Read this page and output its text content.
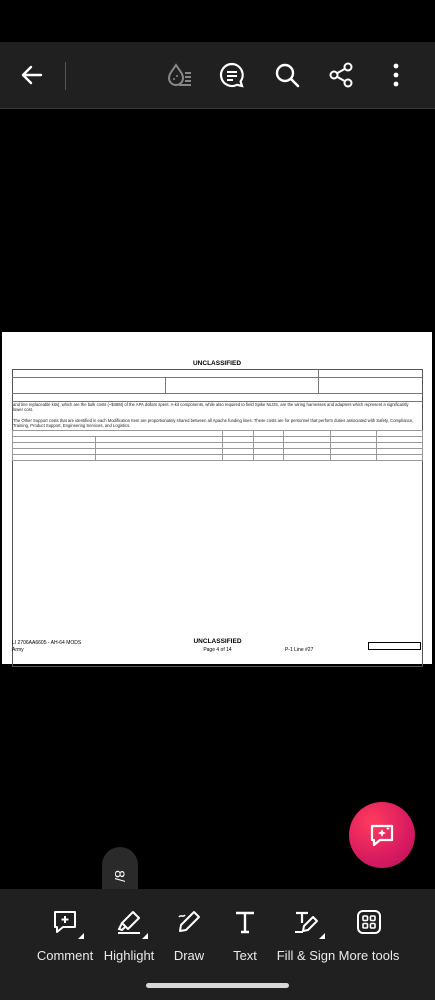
UNCLASSIFIED
Exhibit P-3a, Individual Modification: PB 2026 Army	Date: June 2025
Appropriation / Budget Activity / Budget Sub Activity:
2031A / 02 / 10
P-1 Line Item Number / Title:
2706AA6605 / AH-64 MODS
Modification Number / Title:
AA6606 / AH-64 APACHE MODS
ID Code (A=Service Ready, B=Not Service Ready):	MDAP/MAIS Code:
and line replaceable kits), which are the bulk costs (~$48M) of the APA dollars spent. A-kit components, while also required to field Spike NLOS, are the wiring harnesses and adapters which represent a significantly lower cost.
The Other Support costs that are identified in each Modification Item are proportionately shared between all Apache funding lines. These costs are for personnel that perform duties associated with Safety, Compliance, Training, Product Support, Engineering Services, and Logistics.
Secondary Distribution		FY 2024	FY 2025	FY 2026 Base	FY 2026 OOC	FY 2026 Total
Army	Quantity	-	-	-	-	-
	Total Obligation Authority	141.402	93.826	129.236	-	129.236
Total:	Quantity	-	-	-	-	-
Secondary Distribution	Total Obligation Authority	141.402	93.826	129.236	-	129.236
LI 2706AA6605 - AH-64 MODS
Army
UNCLASSIFIED
Page 4 of 14	P-1 Line #27
Volume 1 - 57
8/
Comment Highlight Draw Text Fill & Sign More tools
